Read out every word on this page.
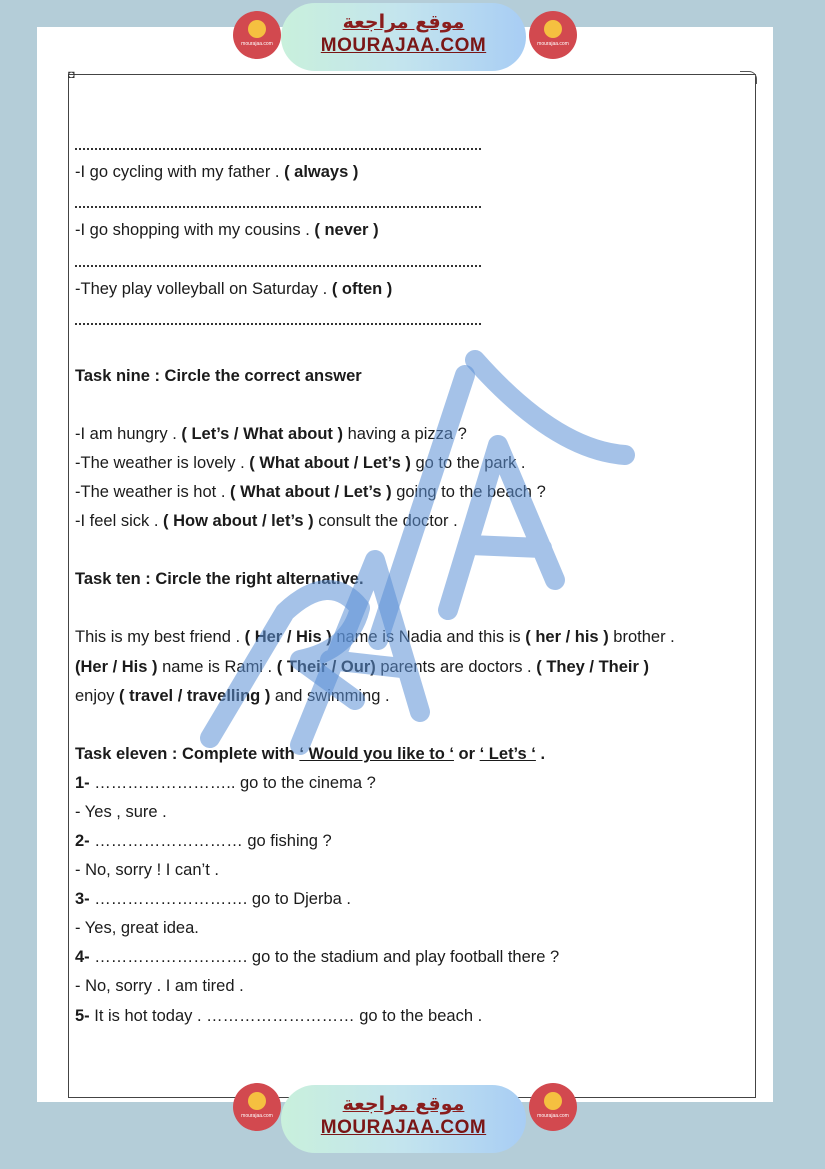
◘
mourajaa.com
موقع مراجعة
MOURAJAA.COM	mourajaa.com
mourajaa.com
موقع مراجعة
MOURAJAA.COM
mourajaa.com
-I go cycling with my father . ( always )
-I go shopping with my cousins . ( never )
-They play volleyball on Saturday . ( often )
Task nine : Circle the correct answer
-I am hungry . ( Let’s / What about ) having a pizza ?
-The weather is lovely . ( What about / Let’s ) go to the park .
-The weather is hot . ( What about / Let’s ) going to the beach ?
-I feel sick . ( How about / let’s ) consult the doctor .
Task ten : Circle the right alternative.
This is my best friend . ( Her / His ) name is Nadia and this is ( her / his ) brother .
(Her / His ) name is Rami . ( Their / Our) parents are doctors . ( They / Their )
enjoy ( travel / travelling ) and swimming .
Task eleven : Complete with ‘ Would you like to ‘ or ‘ Let’s ‘ .
1- …………………….. go to the cinema ?
- Yes , sure .
2- ……………………… go fishing ?
- No, sorry ! I can’t .
3- ………………………. go to Djerba .
- Yes, great idea.
4- ………………………. go to the stadium and play football there ?
- No, sorry . I am tired .
5- It is hot today . ……………………… go to the beach .
